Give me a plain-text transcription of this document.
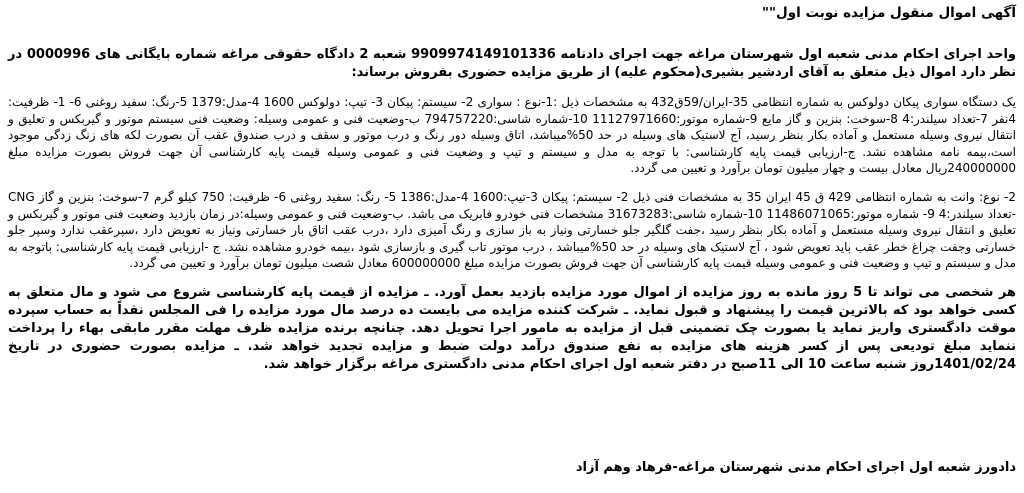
آگهی اموال منقول مزایده نوبت اول""

واحد اجرای احکام مدنی شعبه اول شهرستان مراغه جهت اجرای دادنامه 9909974149101336 شعبه 2 دادگاه حقوقی مراغه شماره بایگانی های 0000996 در نظر دارد اموال ذیل متعلق به آقای اردشیر بشیری(محکوم علیه) از طریق مزایده حضوری بفروش برساند:

یک دستگاه سواری پیکان دولوکس به شماره انتظامی 35-ایران/59ق432 به مشخصات ذیل :1-نوع : سواری 2- سیستم: پیکان 3- تیپ: دولوکس 1600 4-مدل:1379 5-رنگ: سفید روغنی 6- 1- ظرفیت: 4نفر 7-تعداد سیلندر:4 8-سوخت: بنزین و گاز مایع 9-شماره موتور:11127971660 10-شماره شاسی:794757220 ب-وضعیت فنی و عمومی وسیله: وضعیت فنی سیستم موتور و گیربکس و تعلیق و انتقال نیروی وسیله مستعمل و آماده بکار بنظر رسید، آج لاستیک های وسیله در حد 50%میباشد، اتاق وسیله دور رنگ و درب موتور و سقف و درب صندوق عقب آن بصورت لکه های زنگ زدگی موجود است،بیمه نامه مشاهده نشد. ج-ارزیابی قیمت پایه کارشناسی: با توجه به مدل و سیستم و تیپ و وضعیت فنی و عمومی وسیله قیمت پایه کارشناسی آن جهت فروش بصورت مزایده مبلغ 240000000ریال معادل بیست و چهار میلیون تومان برآورد و تعیین می گردد.

2- نوع: وانت به شماره انتظامی 429 ق 45 ایران 35 به مشخصات فنی ذیل 2- سیستم: پیکان 3-تیپ:1600 4-مدل:1386 5- رنگ: سفید روغنی 6- ظرفیت: 750 کیلو گرم 7-سوخت: بنزین و گاز CNG -تعداد سیلندر:4 9- شماره موتور:11486071065 10-شماره شاسی:31673283 مشخصات فنی خودرو فابریک می باشد. ب-وضعیت فنی و عمومی وسیله:در زمان بازدید وضعیت فنی موتور و گیربکس و تعلیق و انتقال نیروی وسیله مستعمل و آماده بکار بنظر رسید ،جفت گلگیر جلو خسارتی ونیاز به باز سازی و رنگ آمیزی دارد ،درب عقب اتاق بار خسارتی ونیاز به تعویض دارد ،سپرعقب ندارد وسپر جلو خسارتی وجفت چراغ خطر عقب باید تعویض شود ، آج لاستیک های وسیله در حد 50%میباشد ، درب موتور تاب گیری و بازسازی شود ،بیمه خودرو مشاهده نشد. ج -ارزیابی قیمت پایه کارشناسی: باتوجه به مدل و سیستم و تیپ و وضعیت فنی و عمومی وسیله قیمت پایه کارشناسی آن جهت فروش بصورت مزایده مبلغ 600000000 معادل شصت میلیون تومان برآورد و تعیین می گردد.

هر شخصی می تواند تا 5 روز مانده به روز مزایده از اموال مورد مزایده بازدید بعمل آورد. ـ مزایده از قیمت پایه کارشناسی شروع می شود و مال متعلق به کسی خواهد بود که بالاترین قیمت را پیشنهاد و قبول نماید. ـ شرکت کننده مزایده می بایست ده درصد مال مورد مزایده را فی المجلس نقداً به حساب سپرده موقت دادگستری واریز نماید یا بصورت چک تضمینی قبل از مزایده به مامور اجرا تحویل دهد. چنانچه برنده مزایده ظرف مهلت مقرر مابقی بهاء را پرداخت ننماید مبلغ تودیعی پس از کسر هزینه های مزایده به نفع صندوق درآمد دولت ضبط و مزایده تجدید خواهد شد. ـ مزایده بصورت حضوری در تاریخ 1401/02/24روز شنبه ساعت 10 الی 11صبح در دفتر شعبه اول اجرای احکام مدنی دادگستری مراغه برگزار خواهد شد.

دادورز شعبه اول اجرای احکام مدنی شهرستان مراغه-فرهاد وهم آزاد
